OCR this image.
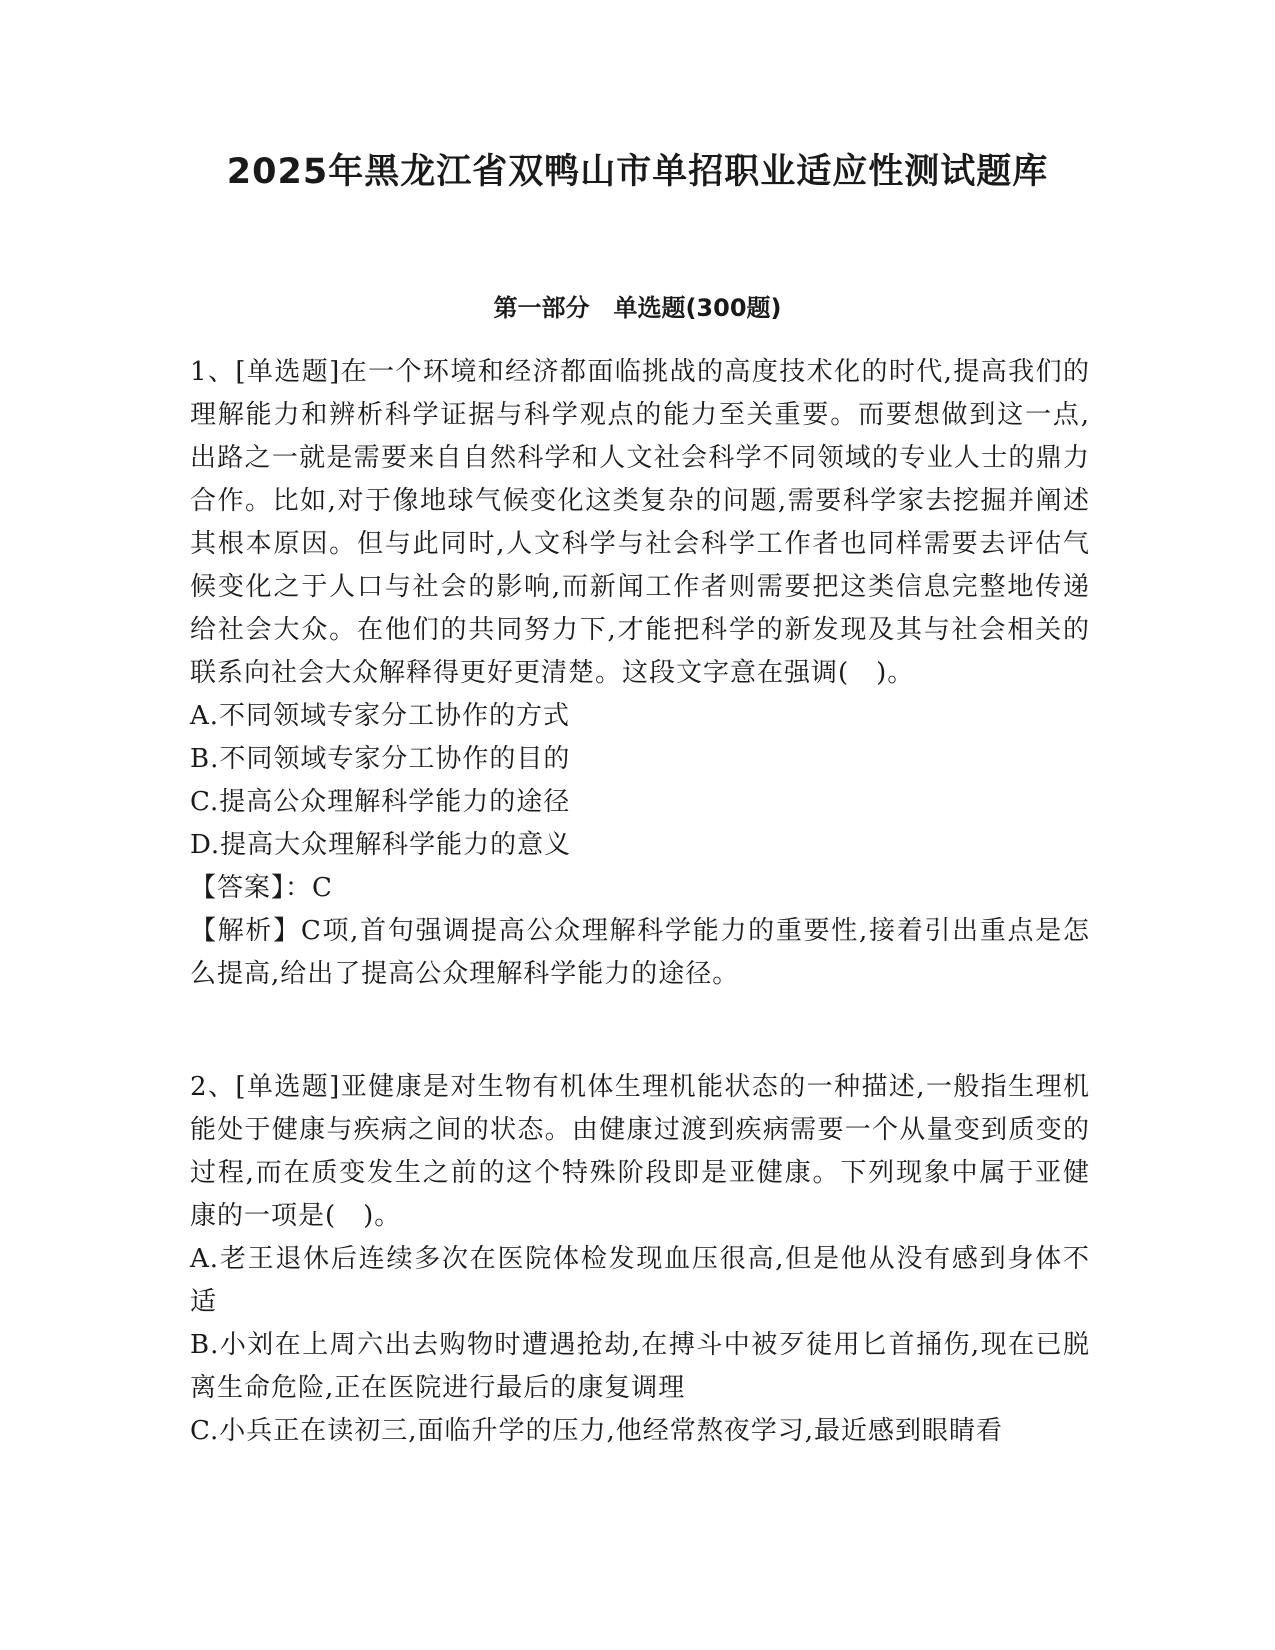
2025年黑龙江省双鸭山市单招职业适应性测试题库
第一部分　单选题(300题)

1、[单选题]在一个环境和经济都面临挑战的高度技术化的时代,提高我们的理解能力和辨析科学证据与科学观点的能力至关重要。而要想做到这一点,出路之一就是需要来自自然科学和人文社会科学不同领域的专业人士的鼎力合作。比如,对于像地球气候变化这类复杂的问题,需要科学家去挖掘并阐述其根本原因。但与此同时,人文科学与社会科学工作者也同样需要去评估气候变化之于人口与社会的影响,而新闻工作者则需要把这类信息完整地传递给社会大众。在他们的共同努力下,才能把科学的新发现及其与社会相关的联系向社会大众解释得更好更清楚。这段文字意在强调(　)。

A.不同领域专家分工协作的方式

B.不同领域专家分工协作的目的

C.提高公众理解科学能力的途径

D.提高大众理解科学能力的意义

【答案】：C

【解析】C项,首句强调提高公众理解科学能力的重要性,接着引出重点是怎么提高,给出了提高公众理解科学能力的途径。

2、[单选题]亚健康是对生物有机体生理机能状态的一种描述,一般指生理机能处于健康与疾病之间的状态。由健康过渡到疾病需要一个从量变到质变的过程,而在质变发生之前的这个特殊阶段即是亚健康。下列现象中属于亚健康的一项是(　)。

A.老王退休后连续多次在医院体检发现血压很高,但是他从没有感到身体不适

B.小刘在上周六出去购物时遭遇抢劫,在搏斗中被歹徒用匕首捅伤,现在已脱离生命危险,正在医院进行最后的康复调理

C.小兵正在读初三,面临升学的压力,他经常熬夜学习,最近感到眼睛看
